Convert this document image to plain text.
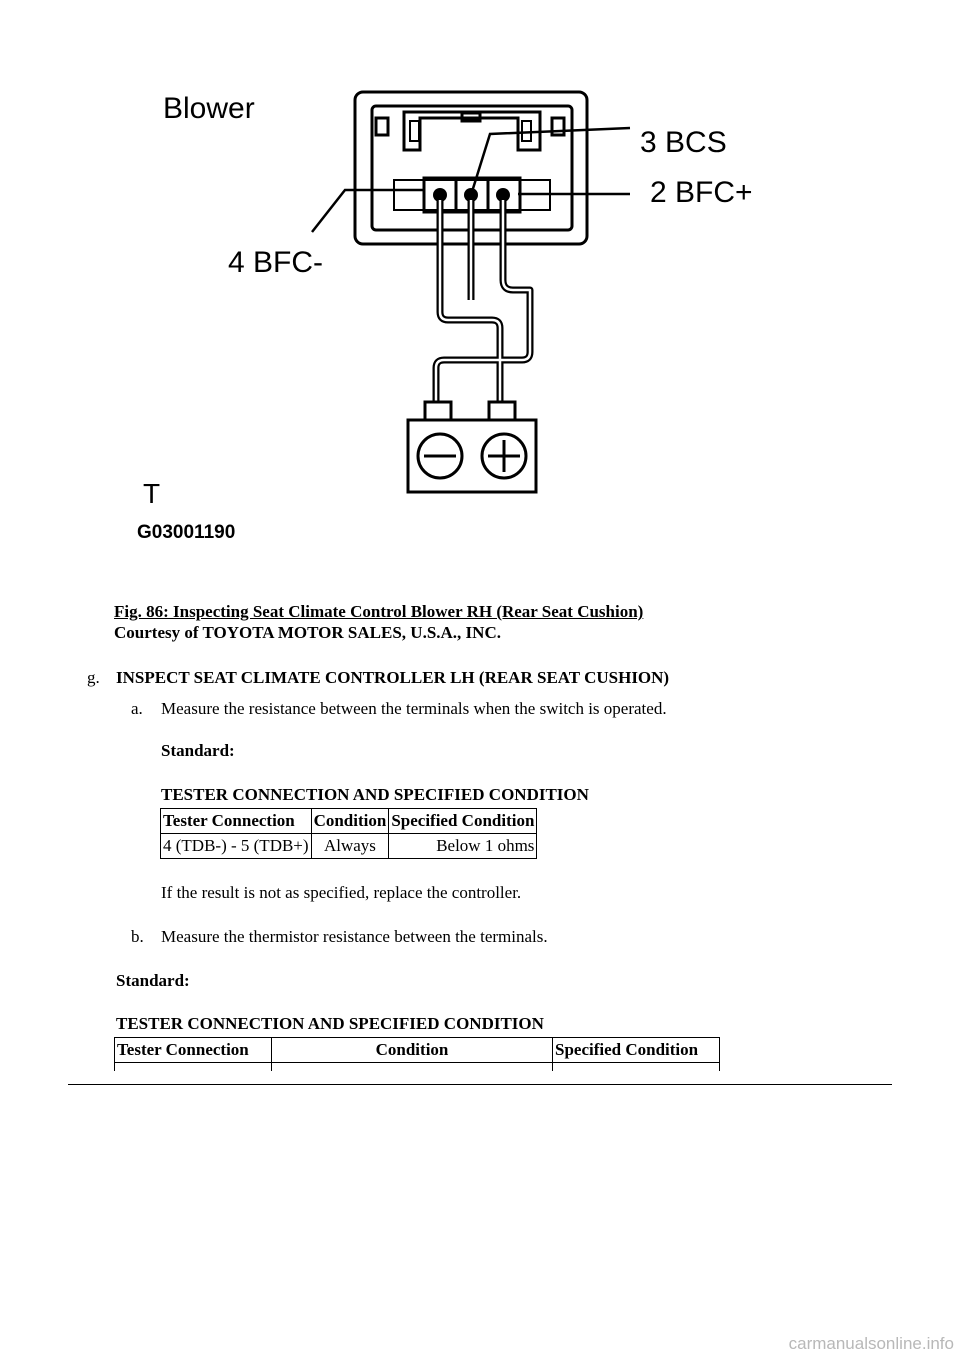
Blower
3 BCS
2 BFC+
4 BFC-
T
G03001190
Fig. 86: Inspecting Seat Climate Control Blower RH (Rear Seat Cushion)
Courtesy of TOYOTA MOTOR SALES, U.S.A., INC.
g. INSPECT SEAT CLIMATE CONTROLLER LH (REAR SEAT CUSHION)
a. Measure the resistance between the terminals when the switch is operated.
Standard:
TESTER CONNECTION AND SPECIFIED CONDITION
Tester Connection	Condition	Specified Condition
4 (TDB-) - 5 (TDB+)	Always	Below 1 ohms
If the result is not as specified, replace the controller.
b. Measure the thermistor resistance between the terminals.
Standard:
TESTER CONNECTION AND SPECIFIED CONDITION
Tester Connection	Condition	Specified Condition

carmanualsonline.info
